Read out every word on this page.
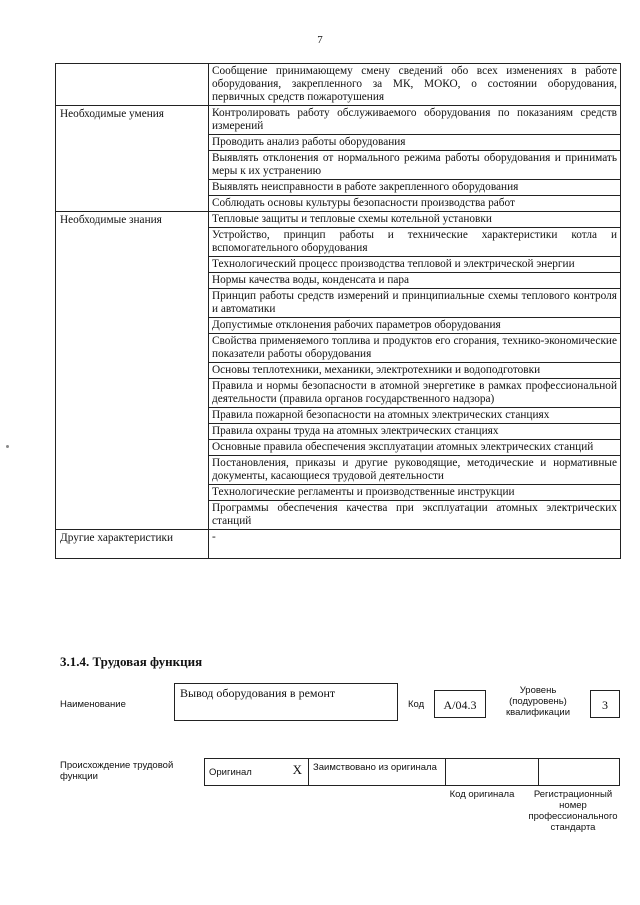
7
	Сообщение принимающему смену сведений обо всех изменениях в работе оборудования, закрепленного за МК, МОКО, о состоянии оборудования, первичных средств пожаротушения
Необходимые умения	Контролировать работу обслуживаемого оборудования по показаниям средств измерений
	Проводить анализ работы оборудования
	Выявлять отклонения от нормального режима работы оборудования и принимать меры к их устранению
	Выявлять неисправности в работе закрепленного оборудования
	Соблюдать основы культуры безопасности производства работ
Необходимые знания	Тепловые защиты и тепловые схемы котельной установки
	Устройство, принцип работы и технические характеристики котла и вспомогательного оборудования
	Технологический процесс производства тепловой и электрической энергии
	Нормы качества воды, конденсата и пара
	Принцип работы средств измерений и принципиальные схемы теплового контроля и автоматики
	Допустимые отклонения рабочих параметров оборудования
	Свойства применяемого топлива и продуктов его сгорания, технико-экономические показатели работы оборудования
	Основы теплотехники, механики, электротехники и водоподготовки
	Правила и нормы безопасности в атомной энергетике в рамках профессиональной деятельности (правила органов государственного надзора)
	Правила пожарной безопасности на атомных электрических станциях
	Правила охраны труда на атомных электрических станциях
	Основные правила обеспечения эксплуатации атомных электрических станций
	Постановления, приказы и другие руководящие, методические и нормативные документы, касающиеся трудовой деятельности
	Технологические регламенты и производственные инструкции
	Программы обеспечения качества при эксплуатации атомных электрических станций
Другие характеристики	-
3.1.4. Трудовая функция
Наименование
Вывод оборудования в ремонт
Код	А/04.3
Уровень (подуровень) квалификации
3
Происхождение трудовой функции	Оригинал	X	Заимствовано из оригинала		
Код оригинала	Регистрационный номер профессионального стандарта
